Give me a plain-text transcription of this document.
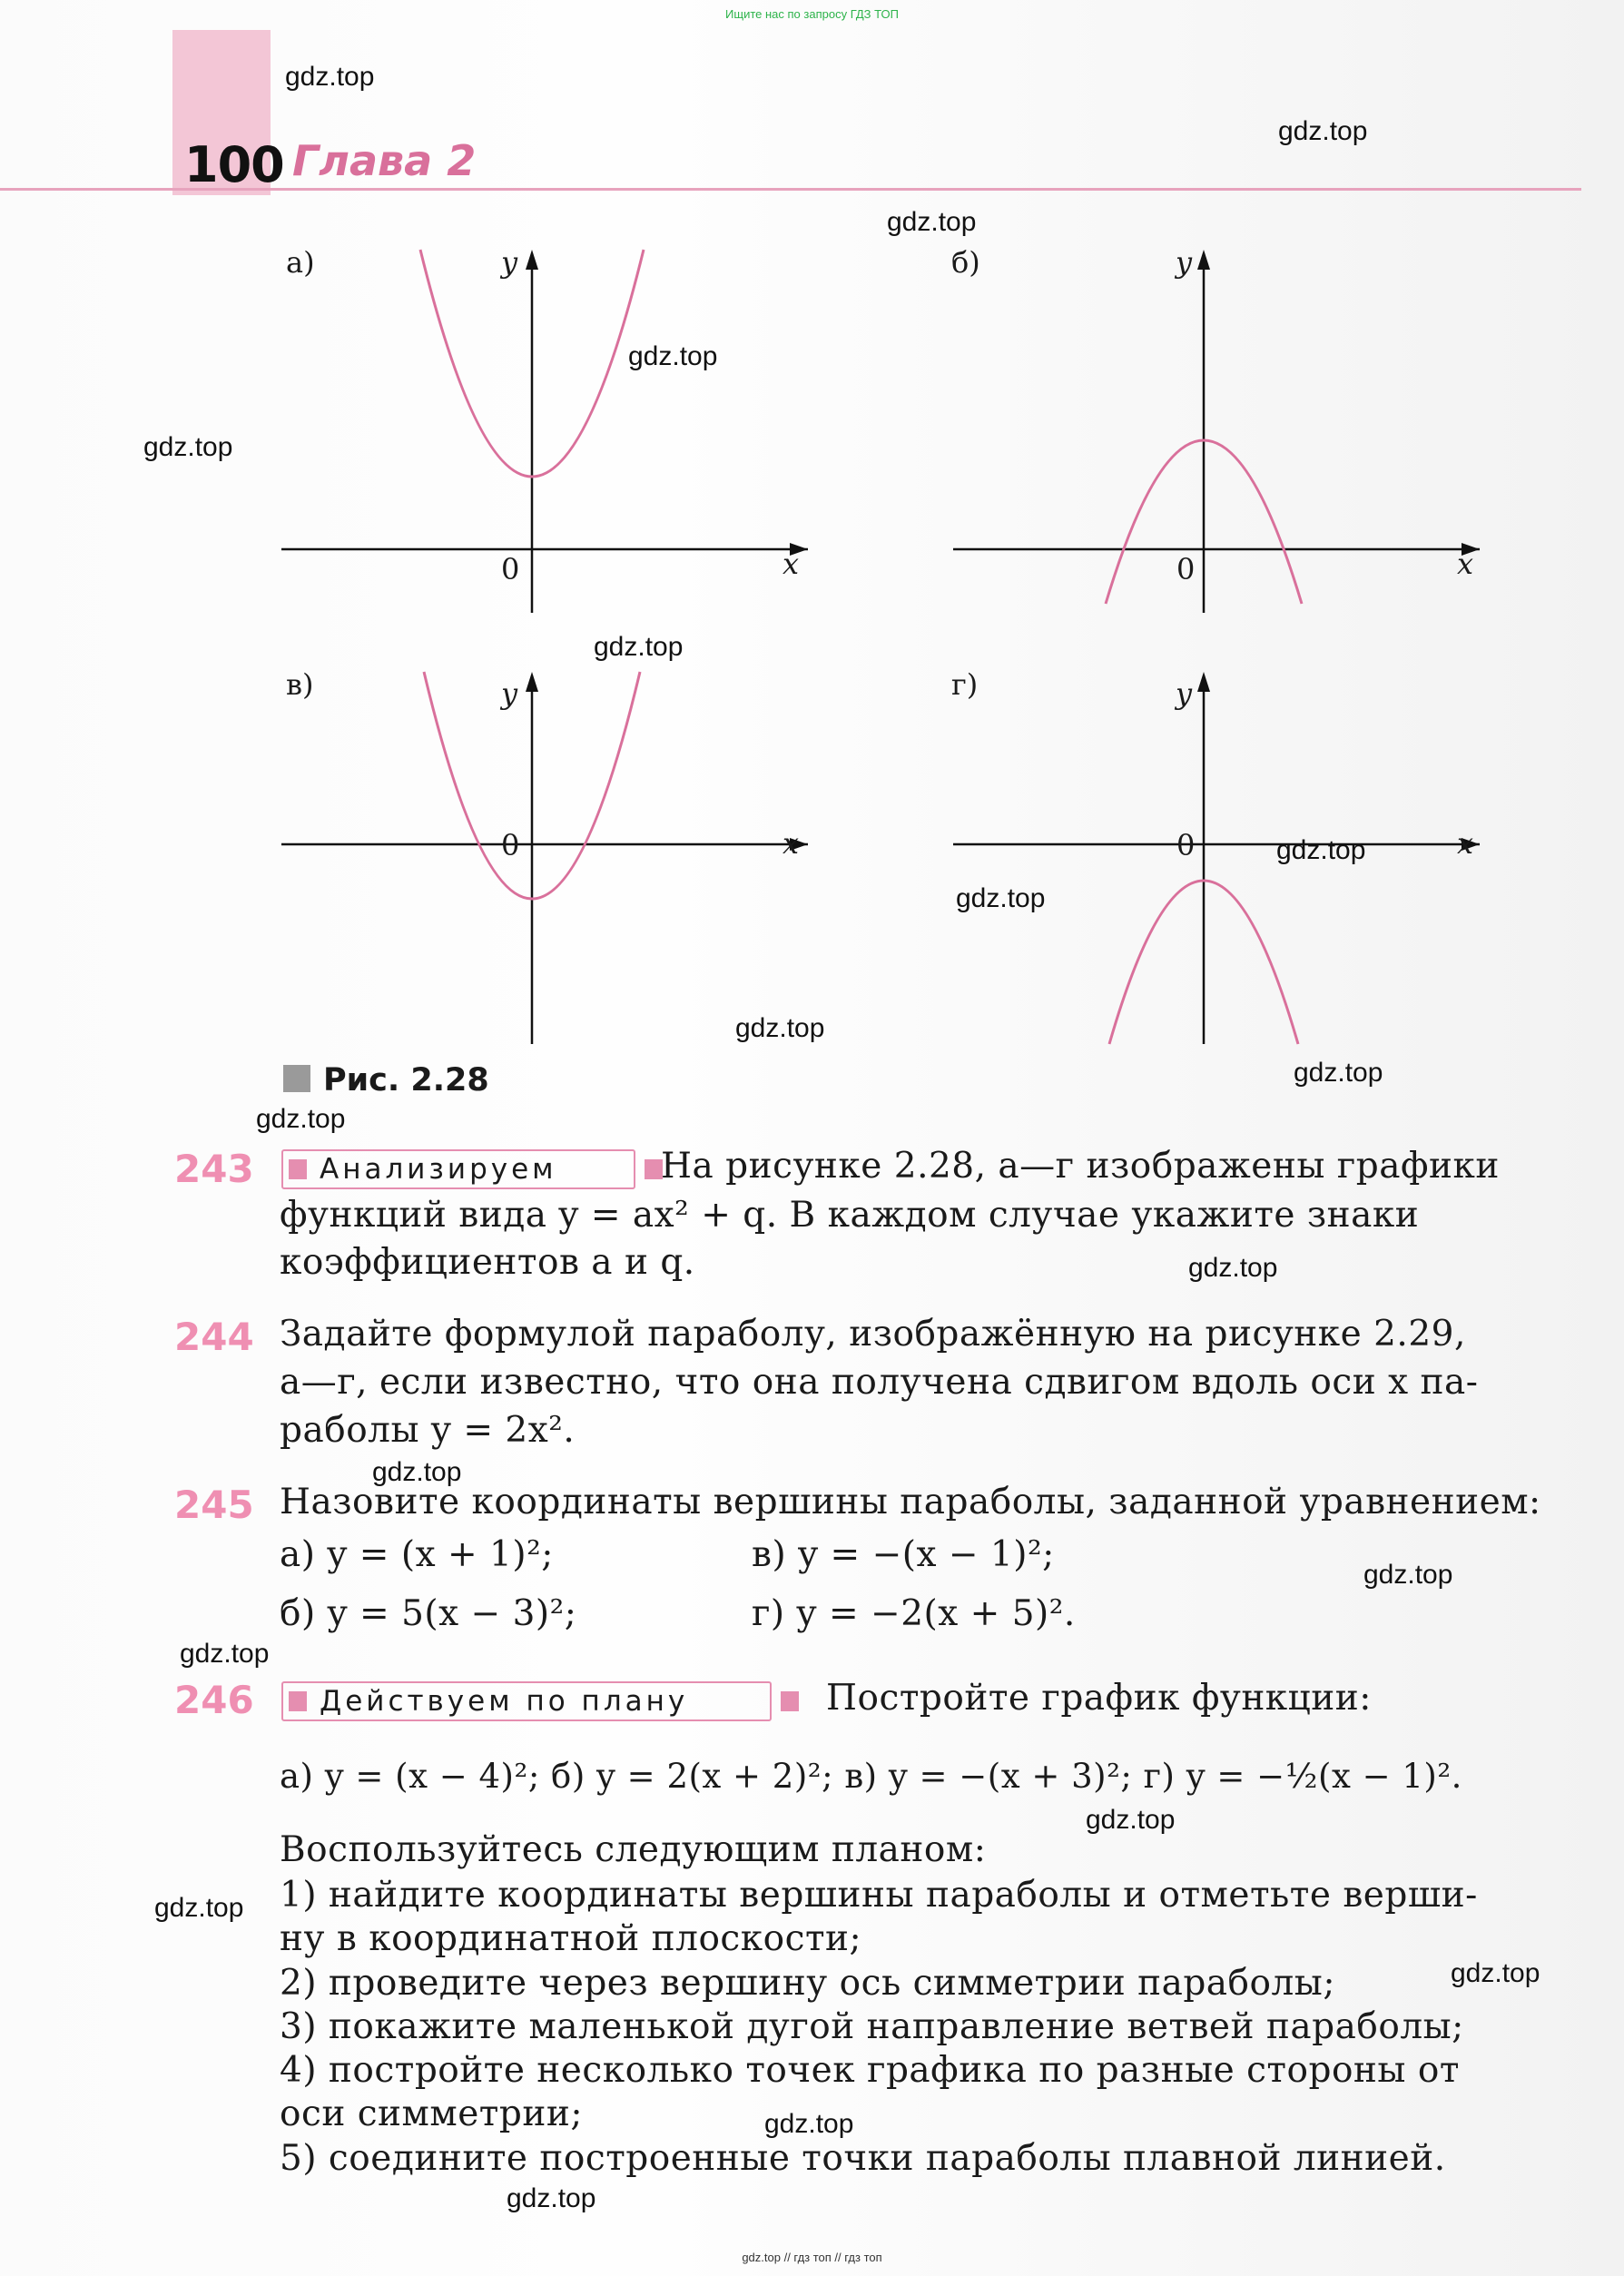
Ищите нас по запросу ГДЗ ТОП
100 Глава 2
а)	y
x
0
б)	y
x
0
в)	y
x
0
г)	y
x
0
Рис. 2.28
243	Анализируем	На рисунке 2.28, а—г изображены графики
функций вида y = ax² + q. В каждом случае укажите знаки
коэффициентов a и q.
244 Задайте формулой параболу, изображённую на рисунке 2.29,
а—г, если известно, что она получена сдвигом вдоль оси x па-
раболы y = 2x².
245 Назовите координаты вершины параболы, заданной уравнением:
а) y = (x + 1)²;	в) y = −(x − 1)²;
б) y = 5(x − 3)²;	г) y = −2(x + 5)².
246	Действуем по плану	Постройте график функции:
а) y = (x − 4)²; б) y = 2(x + 2)²; в) y = −(x + 3)²; г) y = −½(x − 1)².
Воспользуйтесь следующим планом:
1) найдите координаты вершины параболы и отметьте верши-
ну в координатной плоскости;
2) проведите через вершину ось симметрии параболы;
3) покажите маленькой дугой направление ветвей параболы;
4) постройте несколько точек графика по разные стороны от
оси симметрии;
5) соедините построенные точки параболы плавной линией.
gdz.top
gdz.top
gdz.top
gdz.top
gdz.top
gdz.top
gdz.top
gdz.top
gdz.top
gdz.top
gdz.top
gdz.top
gdz.top
gdz.top
gdz.top
gdz.top
gdz.top
gdz.top
gdz.top
gdz.top
gdz.top // гдз топ // гдз топ
